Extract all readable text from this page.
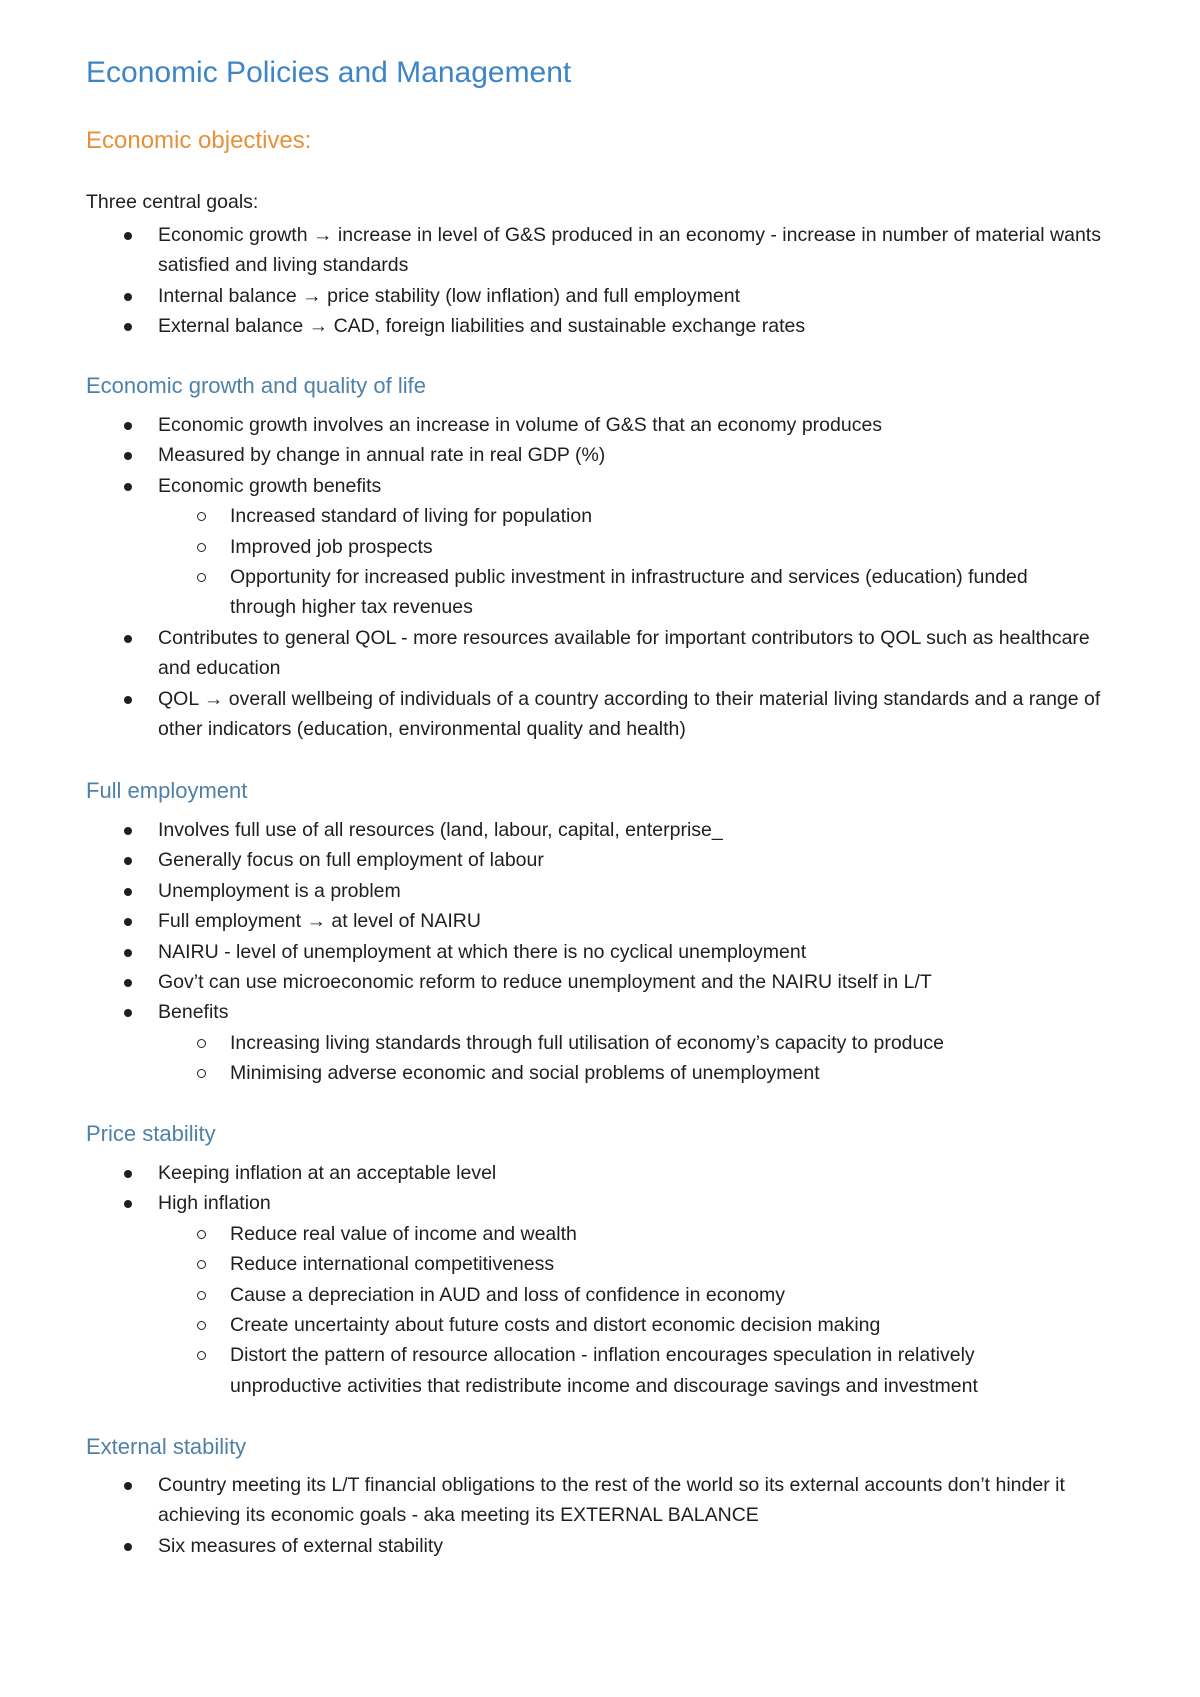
Economic Policies and Management
Economic objectives:

Three central goals:

Economic growth → increase in level of G&S produced in an economy - increase in number of material wants satisfied and living standards
Internal balance → price stability (low inflation) and full employment
External balance → CAD, foreign liabilities and sustainable exchange rates
Economic growth and quality of life
Economic growth involves an increase in volume of G&S that an economy produces
Measured by change in annual rate in real GDP (%)
Economic growth benefits
Increased standard of living for population
Improved job prospects
Opportunity for increased public investment in infrastructure and services (education) funded through higher tax revenues
Contributes to general QOL - more resources available for important contributors to QOL such as healthcare and education
QOL → overall wellbeing of individuals of a country according to their material living standards and a range of other indicators (education, environmental quality and health)
Full employment
Involves full use of all resources (land, labour, capital, enterprise_
Generally focus on full employment of labour
Unemployment is a problem
Full employment → at level of NAIRU
NAIRU - level of unemployment at which there is no cyclical unemployment
Gov’t can use microeconomic reform to reduce unemployment and the NAIRU itself in L/T
Benefits
Increasing living standards through full utilisation of economy’s capacity to produce
Minimising adverse economic and social problems of unemployment
Price stability
Keeping inflation at an acceptable level
High inflation
Reduce real value of income and wealth
Reduce international competitiveness
Cause a depreciation in AUD and loss of confidence in economy
Create uncertainty about future costs and distort economic decision making
Distort the pattern of resource allocation - inflation encourages speculation in relatively unproductive activities that redistribute income and discourage savings and investment
External stability
Country meeting its L/T financial obligations to the rest of the world so its external accounts don’t hinder it achieving its economic goals - aka meeting its EXTERNAL BALANCE
Six measures of external stability
